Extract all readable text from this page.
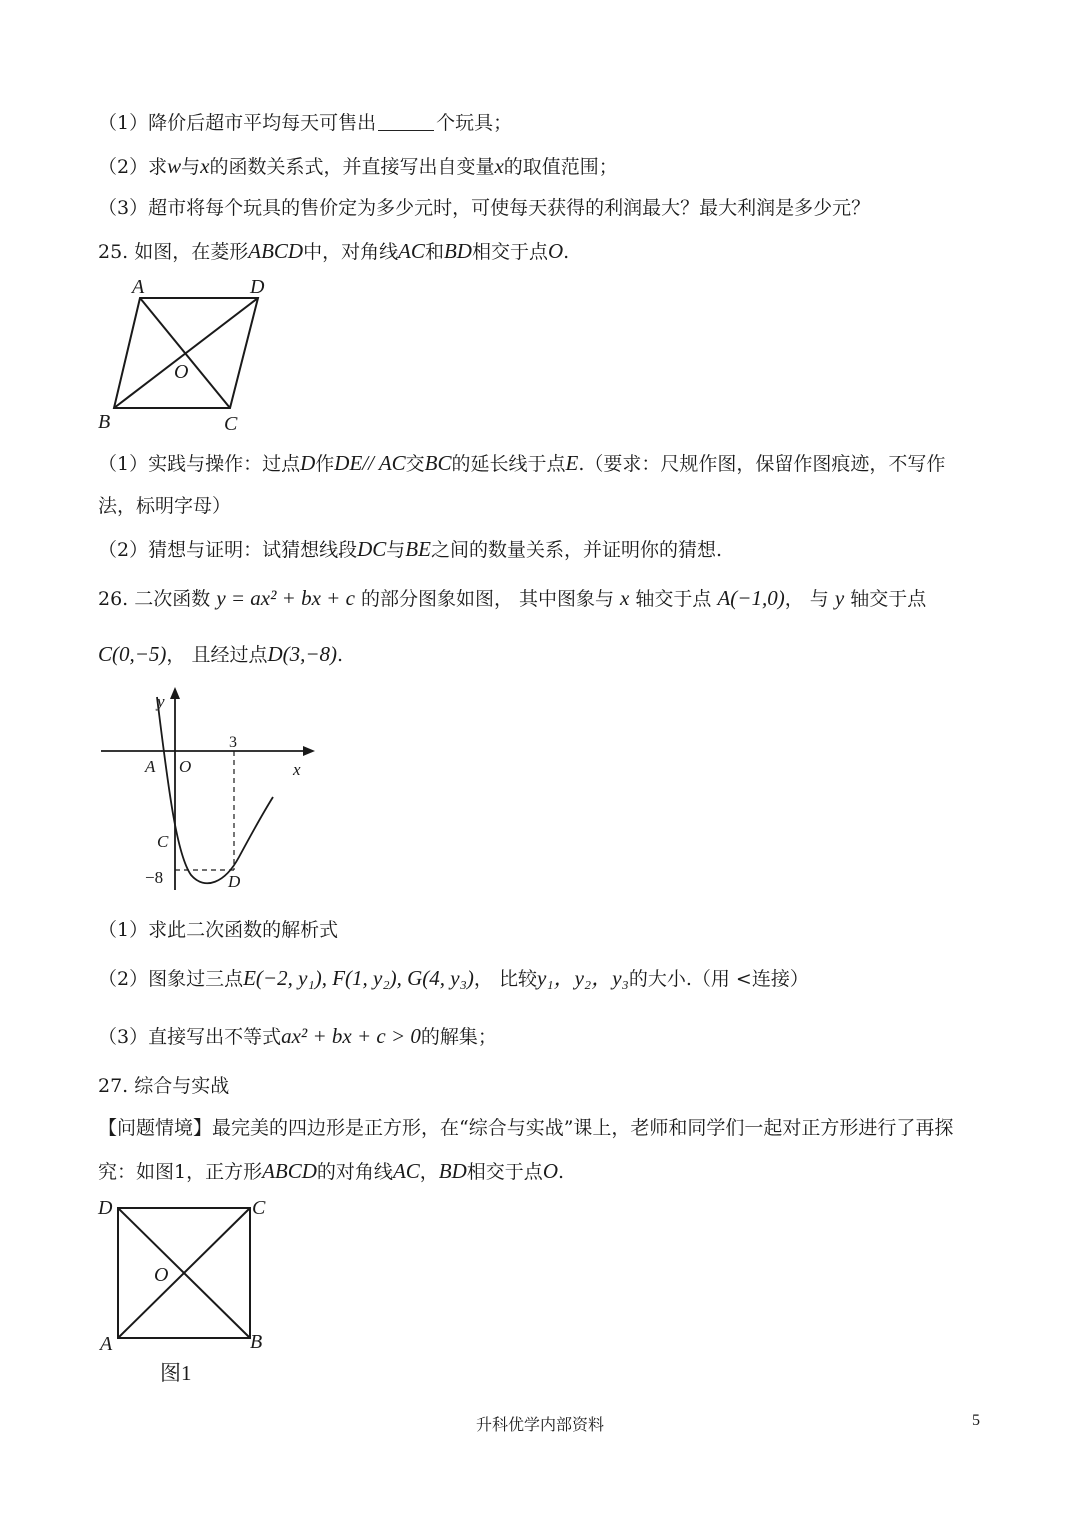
（1）降价后超市平均每天可售出	个玩具；
（2）求w与x的函数关系式，并直接写出自变量x的取值范围；
（3）超市将每个玩具的售价定为多少元时，可使每天获得的利润最大？最大利润是多少元？
25. 如图，在菱形ABCD中，对角线AC和BD相交于点O.
A	D
O
B	C
（1）实践与操作：过点D作DE// AC交BC的延长线于点E.（要求：尺规作图，保留作图痕迹，不写作
法，标明字母）
（2）猜想与证明：试猜想线段DC与BE之间的数量关系，并证明你的猜想.
26. 二次函数 y = ax² + bx + c 的部分图象如图， 其中图象与 x 轴交于点 A(−1,0)， 与 y 轴交于点
C(0,−5)， 且经过点D(3,−8).
y
x
3
A O
C
−8	D
（1）求此二次函数的解析式
（2）图象过三点E(−2, y₁), F(1, y₂), G(4, y₃)， 比较y₁，y₂，y₃的大小.（用 <连接）
（3）直接写出不等式ax² + bx + c > 0的解集；
27. 综合与实战
【问题情境】最完美的四边形是正方形，在“综合与实战”课上，老师和同学们一起对正方形进行了再探
究：如图1，正方形ABCD的对角线AC，BD相交于点O.
D	C
O
A	B
图1
升科优学内部资料	5
